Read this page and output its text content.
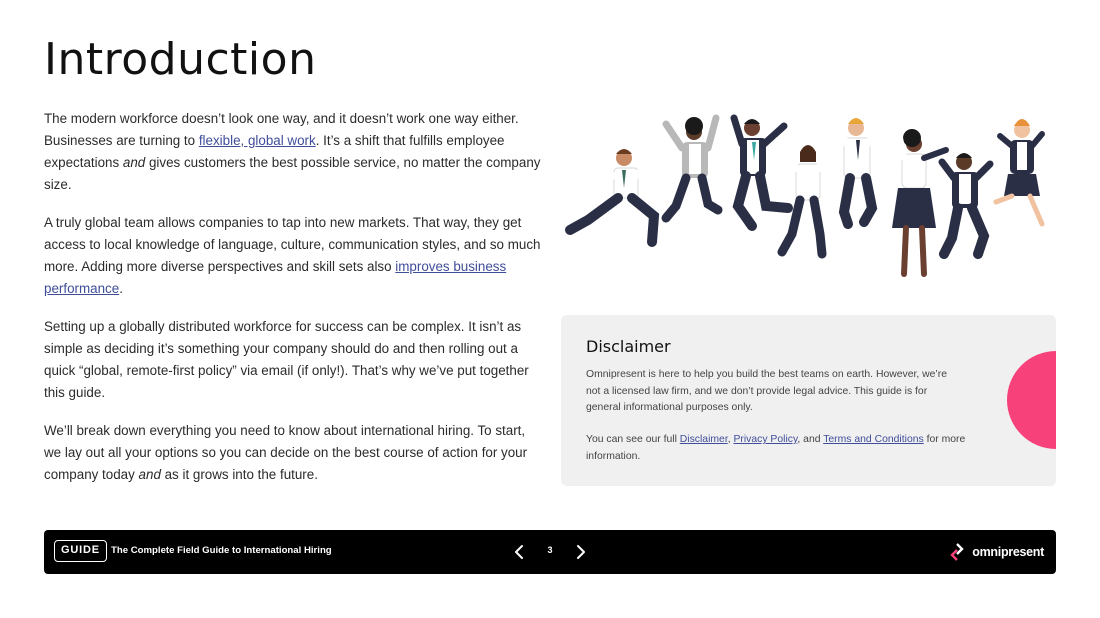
Introduction

The modern workforce doesn’t look one way, and it doesn’t work one way either. Businesses are turning to flexible, global work. It’s a shift that fulfills employee expectations and gives customers the best possible service, no matter the company size.

A truly global team allows companies to tap into new markets. That way, they get access to local knowledge of language, culture, communication styles, and so much more. Adding more diverse perspectives and skill sets also improves business performance.

Setting up a globally distributed workforce for success can be complex. It isn’t as simple as deciding it’s something your company should do and then rolling out a quick “global, remote-first policy” via email (if only!). That’s why we’ve put together this guide.

We’ll break down everything you need to know about international hiring. To start, we lay out all your options so you can decide on the best course of action for your company today and as it grows into the future.

Disclaimer

Omnipresent is here to help you build the best teams on earth. However, we’re not a licensed law firm, and we don’t provide legal advice. This guide is for general informational purposes only.

You can see our full Disclaimer, Privacy Policy, and Terms and Conditions for more information.

GUIDE	The Complete Field Guide to International Hiring	3	omnipresent
